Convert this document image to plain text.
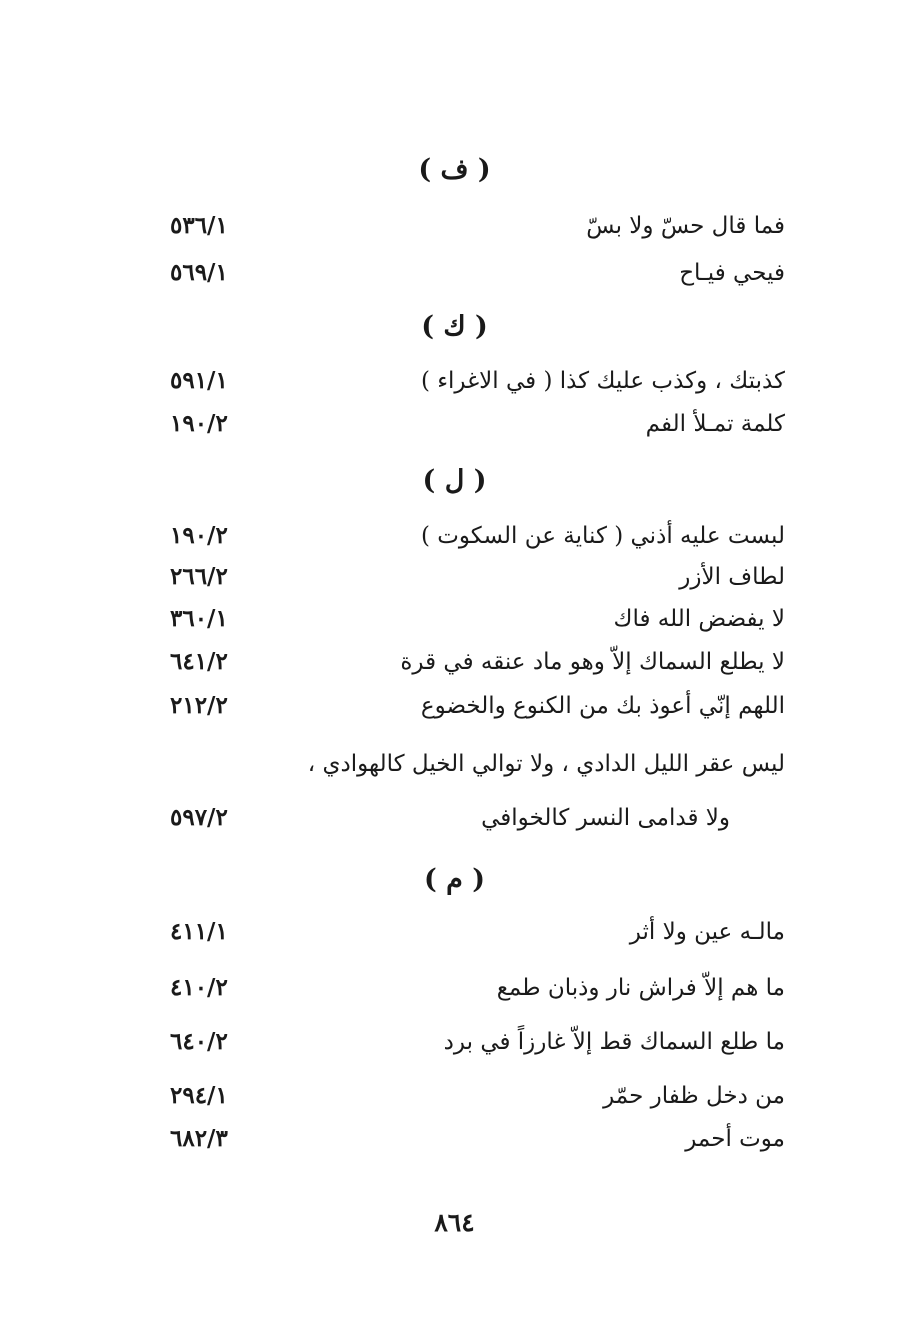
( ف )
فما قال حسّ ولا بسّ
٥٣٦/١
فيحي فيـاح
٥٦٩/١
( ك )
كذبتك ، وكذب عليك كذا ( في الاغراء )
٥٩١/١
كلمة تمـلأ الفم
١٩٠/٢
( ل )
لبست عليه أذني ( كناية عن السكوت )
١٩٠/٢
لطاف الأزر
٢٦٦/٢
لا يفضض الله فاك
٣٦٠/١
لا يطلع السماك إلاّ وهو ماد عنقه في قرة
٦٤١/٢
اللهم إنّي أعوذ بك من الكنوع والخضوع
٢١٢/٢
ليس عقر الليل الدادي ، ولا توالي الخيل كالهوادي ،
ولا قدامى النسر كالخوافي
٥٩٧/٢
( م )
مالـه عين ولا أثر
٤١١/١
ما هم إلاّ فراش نار وذبان طمع
٤١٠/٢
ما طلع السماك قط إلاّ غارزاً في برد
٦٤٠/٢
من دخل ظفار حمّر
٢٩٤/١
موت أحمر
٦٨٢/٣
٨٦٤
